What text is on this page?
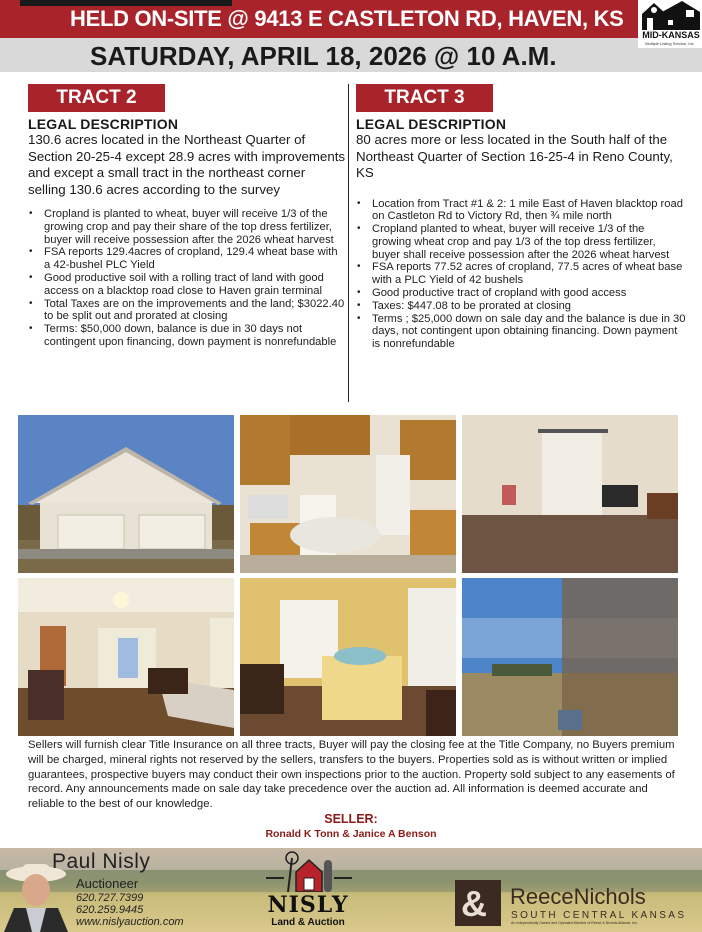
HELD ON-SITE @ 9413 E CASTLETON RD, HAVEN, KS
MID-KANSAS
Multiple Listing Service, Inc.
SATURDAY, APRIL 18, 2026 @ 10 A.M.
TRACT 2
LEGAL DESCRIPTION
130.6 acres located in the Northeast Quarter of Section 20-25-4 except 28.9 acres with improvements and except a small tract in the northeast corner selling 130.6 acres according to the survey
• Cropland is planted to wheat, buyer will receive 1/3 of the growing crop and pay their share of the top dress fertilizer, buyer will receive possession after the 2026 wheat harvest
• FSA reports 129.4acres of cropland, 129.4 wheat base with a 42-bushel PLC Yield
• Good productive soil with a rolling tract of land with good access on a blacktop road close to Haven grain terminal
• Total Taxes are on the improvements and the land; $3022.40 to be split out and prorated at closing
• Terms: $50,000 down, balance is due in 30 days not contingent upon financing, down payment is nonrefundable
TRACT 3
LEGAL DESCRIPTION
80 acres more or less located in the South half of the Northeast Quarter of Section 16-25-4 in Reno County, KS
• Location from Tract #1 & 2: 1 mile East of Haven blacktop road on Castleton Rd to Victory Rd, then ¾ mile north
• Cropland planted to wheat, buyer will receive 1/3 of the growing wheat crop and pay 1/3 of the top dress fertilizer, buyer shall receive possession after the 2026 wheat harvest
• FSA reports 77.52 acres of cropland, 77.5 acres of wheat base with a PLC Yield of 42 bushels
• Good productive tract of cropland with good access
• Taxes: $447.08 to be prorated at closing
• Terms ; $25,000 down on sale day and the balance is due in 30 days, not contingent upon obtaining financing. Down payment is nonrefundable
Sellers will furnish clear Title Insurance on all three tracts, Buyer will pay the closing fee at the Title Company, no Buyers premium will be charged, mineral rights not reserved by the sellers, transfers to the buyers. Properties sold as is without written or implied guarantees, prospective buyers may conduct their own inspections prior to the auction. Property sold subject to any easements of record. Any announcements made on sale day take precedence over the auction ad. All information is deemed accurate and reliable to the best of our knowledge.
SELLER:
Ronald K Tonn & Janice A Benson
Paul Nisly
Auctioneer
620.727.7399
620.259.9445
www.nislyauction.com
NISLY
Land & Auction	&	ReeceNichols
SOUTH CENTRAL KANSAS
An Independently Owned and Operated Member of Reece & Nichols Alliance, Inc.
